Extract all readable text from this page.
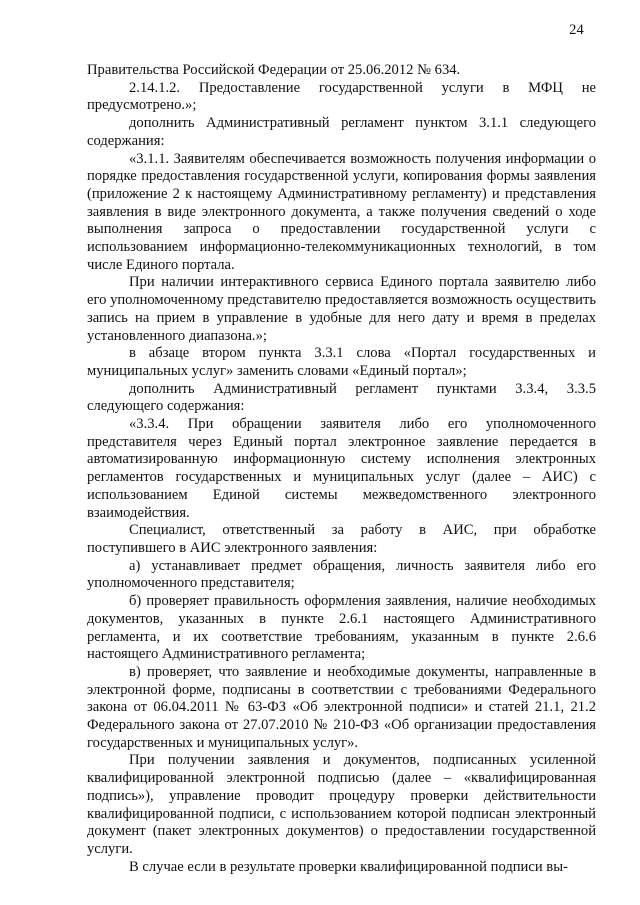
24

Правительства Российской Федерации от 25.06.2012 № 634.

2.14.1.2. Предоставление государственной услуги в МФЦ не предусмотрено.»;

дополнить Административный регламент пунктом 3.1.1 следующего содержания:

«3.1.1. Заявителям обеспечивается возможность получения информации о порядке предоставления государственной услуги, копирования формы заявления (приложение 2 к настоящему Административному регламенту) и представления заявления в виде электронного документа, а также получения сведений о ходе выполнения запроса о предоставлении государственной услуги с использованием информационно-телекоммуникационных технологий, в том числе Единого портала.

При наличии интерактивного сервиса Единого портала заявителю либо его уполномоченному представителю предоставляется возможность осуществить запись на прием в управление в удобные для него дату и время в пределах установленного диапазона.»;

в абзаце втором пункта 3.3.1 слова «Портал государственных и муниципальных услуг» заменить словами «Единый портал»;

дополнить Административный регламент пунктами 3.3.4, 3.3.5 следующего содержания:

«3.3.4. При обращении заявителя либо его уполномоченного представителя через Единый портал электронное заявление передается в автоматизированную информационную систему исполнения электронных регламентов государственных и муниципальных услуг (далее – АИС) с использованием Единой системы межведомственного электронного взаимодействия.

Специалист, ответственный за работу в АИС, при обработке поступившего в АИС электронного заявления:

а) устанавливает предмет обращения, личность заявителя либо его уполномоченного представителя;

б) проверяет правильность оформления заявления, наличие необходимых документов, указанных в пункте 2.6.1 настоящего Административного регламента, и их соответствие требованиям, указанным в пункте 2.6.6 настоящего Административного регламента;

в) проверяет, что заявление и необходимые документы, направленные в электронной форме, подписаны в соответствии с требованиями Федерального закона от 06.04.2011 № 63-ФЗ «Об электронной подписи» и статей 21.1, 21.2 Федерального закона от 27.07.2010 № 210-ФЗ «Об организации предоставления государственных и муниципальных услуг».

При получении заявления и документов, подписанных усиленной квалифицированной электронной подписью (далее – «квалифицированная подпись»), управление проводит процедуру проверки действительности квалифицированной подписи, с использованием которой подписан электронный документ (пакет электронных документов) о предоставлении государственной услуги.

В случае если в результате проверки квалифицированной подписи вы-
